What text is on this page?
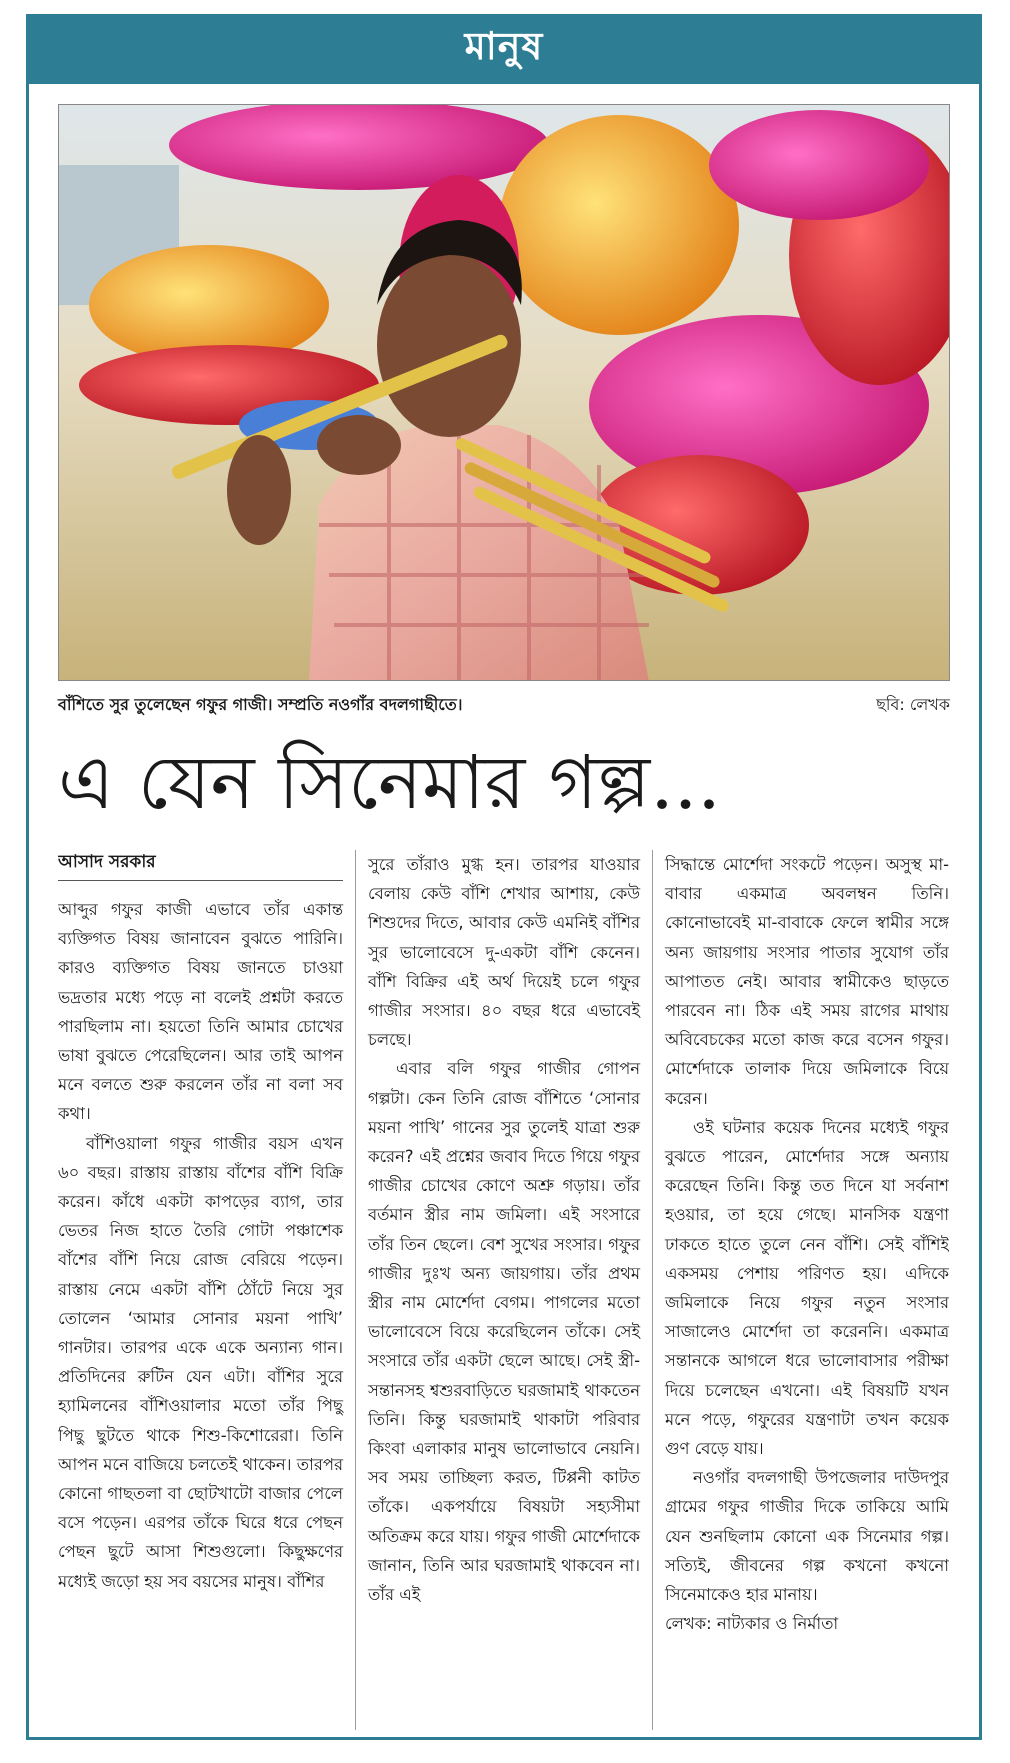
মানুষ
বাঁশিতে সুর তুলেছেন গফুর গাজী। সম্প্রতি নওগাঁর বদলগাছীতে।	ছবি: লেখক
এ যেন সিনেমার গল্প...
আসাদ সরকার

আব্দুর গফুর কাজী এভাবে তাঁর একান্ত ব্যক্তিগত বিষয় জানাবেন বুঝতে পারিনি। কারও ব্যক্তিগত বিষয় জানতে চাওয়া ভদ্রতার মধ্যে পড়ে না বলেই প্রশ্নটা করতে পারছিলাম না। হয়তো তিনি আমার চোখের ভাষা বুঝতে পেরেছিলেন। আর তাই আপন মনে বলতে শুরু করলেন তাঁর না বলা সব কথা।

বাঁশিওয়ালা গফুর গাজীর বয়স এখন ৬০ বছর। রাস্তায় রাস্তায় বাঁশের বাঁশি বিক্রি করেন। কাঁধে একটা কাপড়ের ব্যাগ, তার ভেতর নিজ হাতে তৈরি গোটা পঞ্চাশেক বাঁশের বাঁশি নিয়ে রোজ বেরিয়ে পড়েন। রাস্তায় নেমে একটা বাঁশি ঠোঁটে নিয়ে সুর তোলেন ‘আমার সোনার ময়না পাখি’ গানটার। তারপর একে একে অন্যান্য গান। প্রতিদিনের রুটিন যেন এটা। বাঁশির সুরে হ্যামিলনের বাঁশিওয়ালার মতো তাঁর পিছু পিছু ছুটতে থাকে শিশু-কিশোরেরা। তিনি আপন মনে বাজিয়ে চলতেই থাকেন। তারপর কোনো গাছতলা বা ছোটখাটো বাজার পেলে বসে পড়েন। এরপর তাঁকে ঘিরে ধরে পেছন পেছন ছুটে আসা শিশুগুলো। কিছুক্ষণের মধ্যেই জড়ো হয় সব বয়সের মানুষ। বাঁশির

সুরে তাঁরাও মুগ্ধ হন। তারপর যাওয়ার বেলায় কেউ বাঁশি শেখার আশায়, কেউ শিশুদের দিতে, আবার কেউ এমনিই বাঁশির সুর ভালোবেসে দু-একটা বাঁশি কেনেন। বাঁশি বিক্রির এই অর্থ দিয়েই চলে গফুর গাজীর সংসার। ৪০ বছর ধরে এভাবেই চলছে।

এবার বলি গফুর গাজীর গোপন গল্পটা। কেন তিনি রোজ বাঁশিতে ‘সোনার ময়না পাখি’ গানের সুর তুলেই যাত্রা শুরু করেন? এই প্রশ্নের জবাব দিতে গিয়ে গফুর গাজীর চোখের কোণে অশ্রু গড়ায়। তাঁর বর্তমান স্ত্রীর নাম জমিলা। এই সংসারে তাঁর তিন ছেলে। বেশ সুখের সংসার। গফুর গাজীর দুঃখ অন্য জায়গায়। তাঁর প্রথম স্ত্রীর নাম মোর্শেদা বেগম। পাগলের মতো ভালোবেসে বিয়ে করেছিলেন তাঁকে। সেই সংসারে তাঁর একটা ছেলে আছে। সেই স্ত্রী-সন্তানসহ শ্বশুরবাড়িতে ঘরজামাই থাকতেন তিনি। কিন্তু ঘরজামাই থাকাটা পরিবার কিংবা এলাকার মানুষ ভালোভাবে নেয়নি। সব সময় তাচ্ছিল্য করত, টিপ্পনী কাটত তাঁকে। একপর্যায়ে বিষয়টা সহ্যসীমা অতিক্রম করে যায়। গফুর গাজী মোর্শেদাকে জানান, তিনি আর ঘরজামাই থাকবেন না। তাঁর এই

সিদ্ধান্তে মোর্শেদা সংকটে পড়েন। অসুস্থ মা-বাবার একমাত্র অবলম্বন তিনি। কোনোভাবেই মা-বাবাকে ফেলে স্বামীর সঙ্গে অন্য জায়গায় সংসার পাতার সুযোগ তাঁর আপাতত নেই। আবার স্বামীকেও ছাড়তে পারবেন না। ঠিক এই সময় রাগের মাথায় অবিবেচকের মতো কাজ করে বসেন গফুর। মোর্শেদাকে তালাক দিয়ে জমিলাকে বিয়ে করেন।

ওই ঘটনার কয়েক দিনের মধ্যেই গফুর বুঝতে পারেন, মোর্শেদার সঙ্গে অন্যায় করেছেন তিনি। কিন্তু তত দিনে যা সর্বনাশ হওয়ার, তা হয়ে গেছে। মানসিক যন্ত্রণা ঢাকতে হাতে তুলে নেন বাঁশি। সেই বাঁশিই একসময় পেশায় পরিণত হয়। এদিকে জমিলাকে নিয়ে গফুর নতুন সংসার সাজালেও মোর্শেদা তা করেননি। একমাত্র সন্তানকে আগলে ধরে ভালোবাসার পরীক্ষা দিয়ে চলেছেন এখনো। এই বিষয়টি যখন মনে পড়ে, গফুরের যন্ত্রণাটা তখন কয়েক গুণ বেড়ে যায়।

নওগাঁর বদলগাছী উপজেলার দাউদপুর গ্রামের গফুর গাজীর দিকে তাকিয়ে আমি যেন শুনছিলাম কোনো এক সিনেমার গল্প। সত্যিই, জীবনের গল্প কখনো কখনো সিনেমাকেও হার মানায়।

লেখক: নাট্যকার ও নির্মাতা
